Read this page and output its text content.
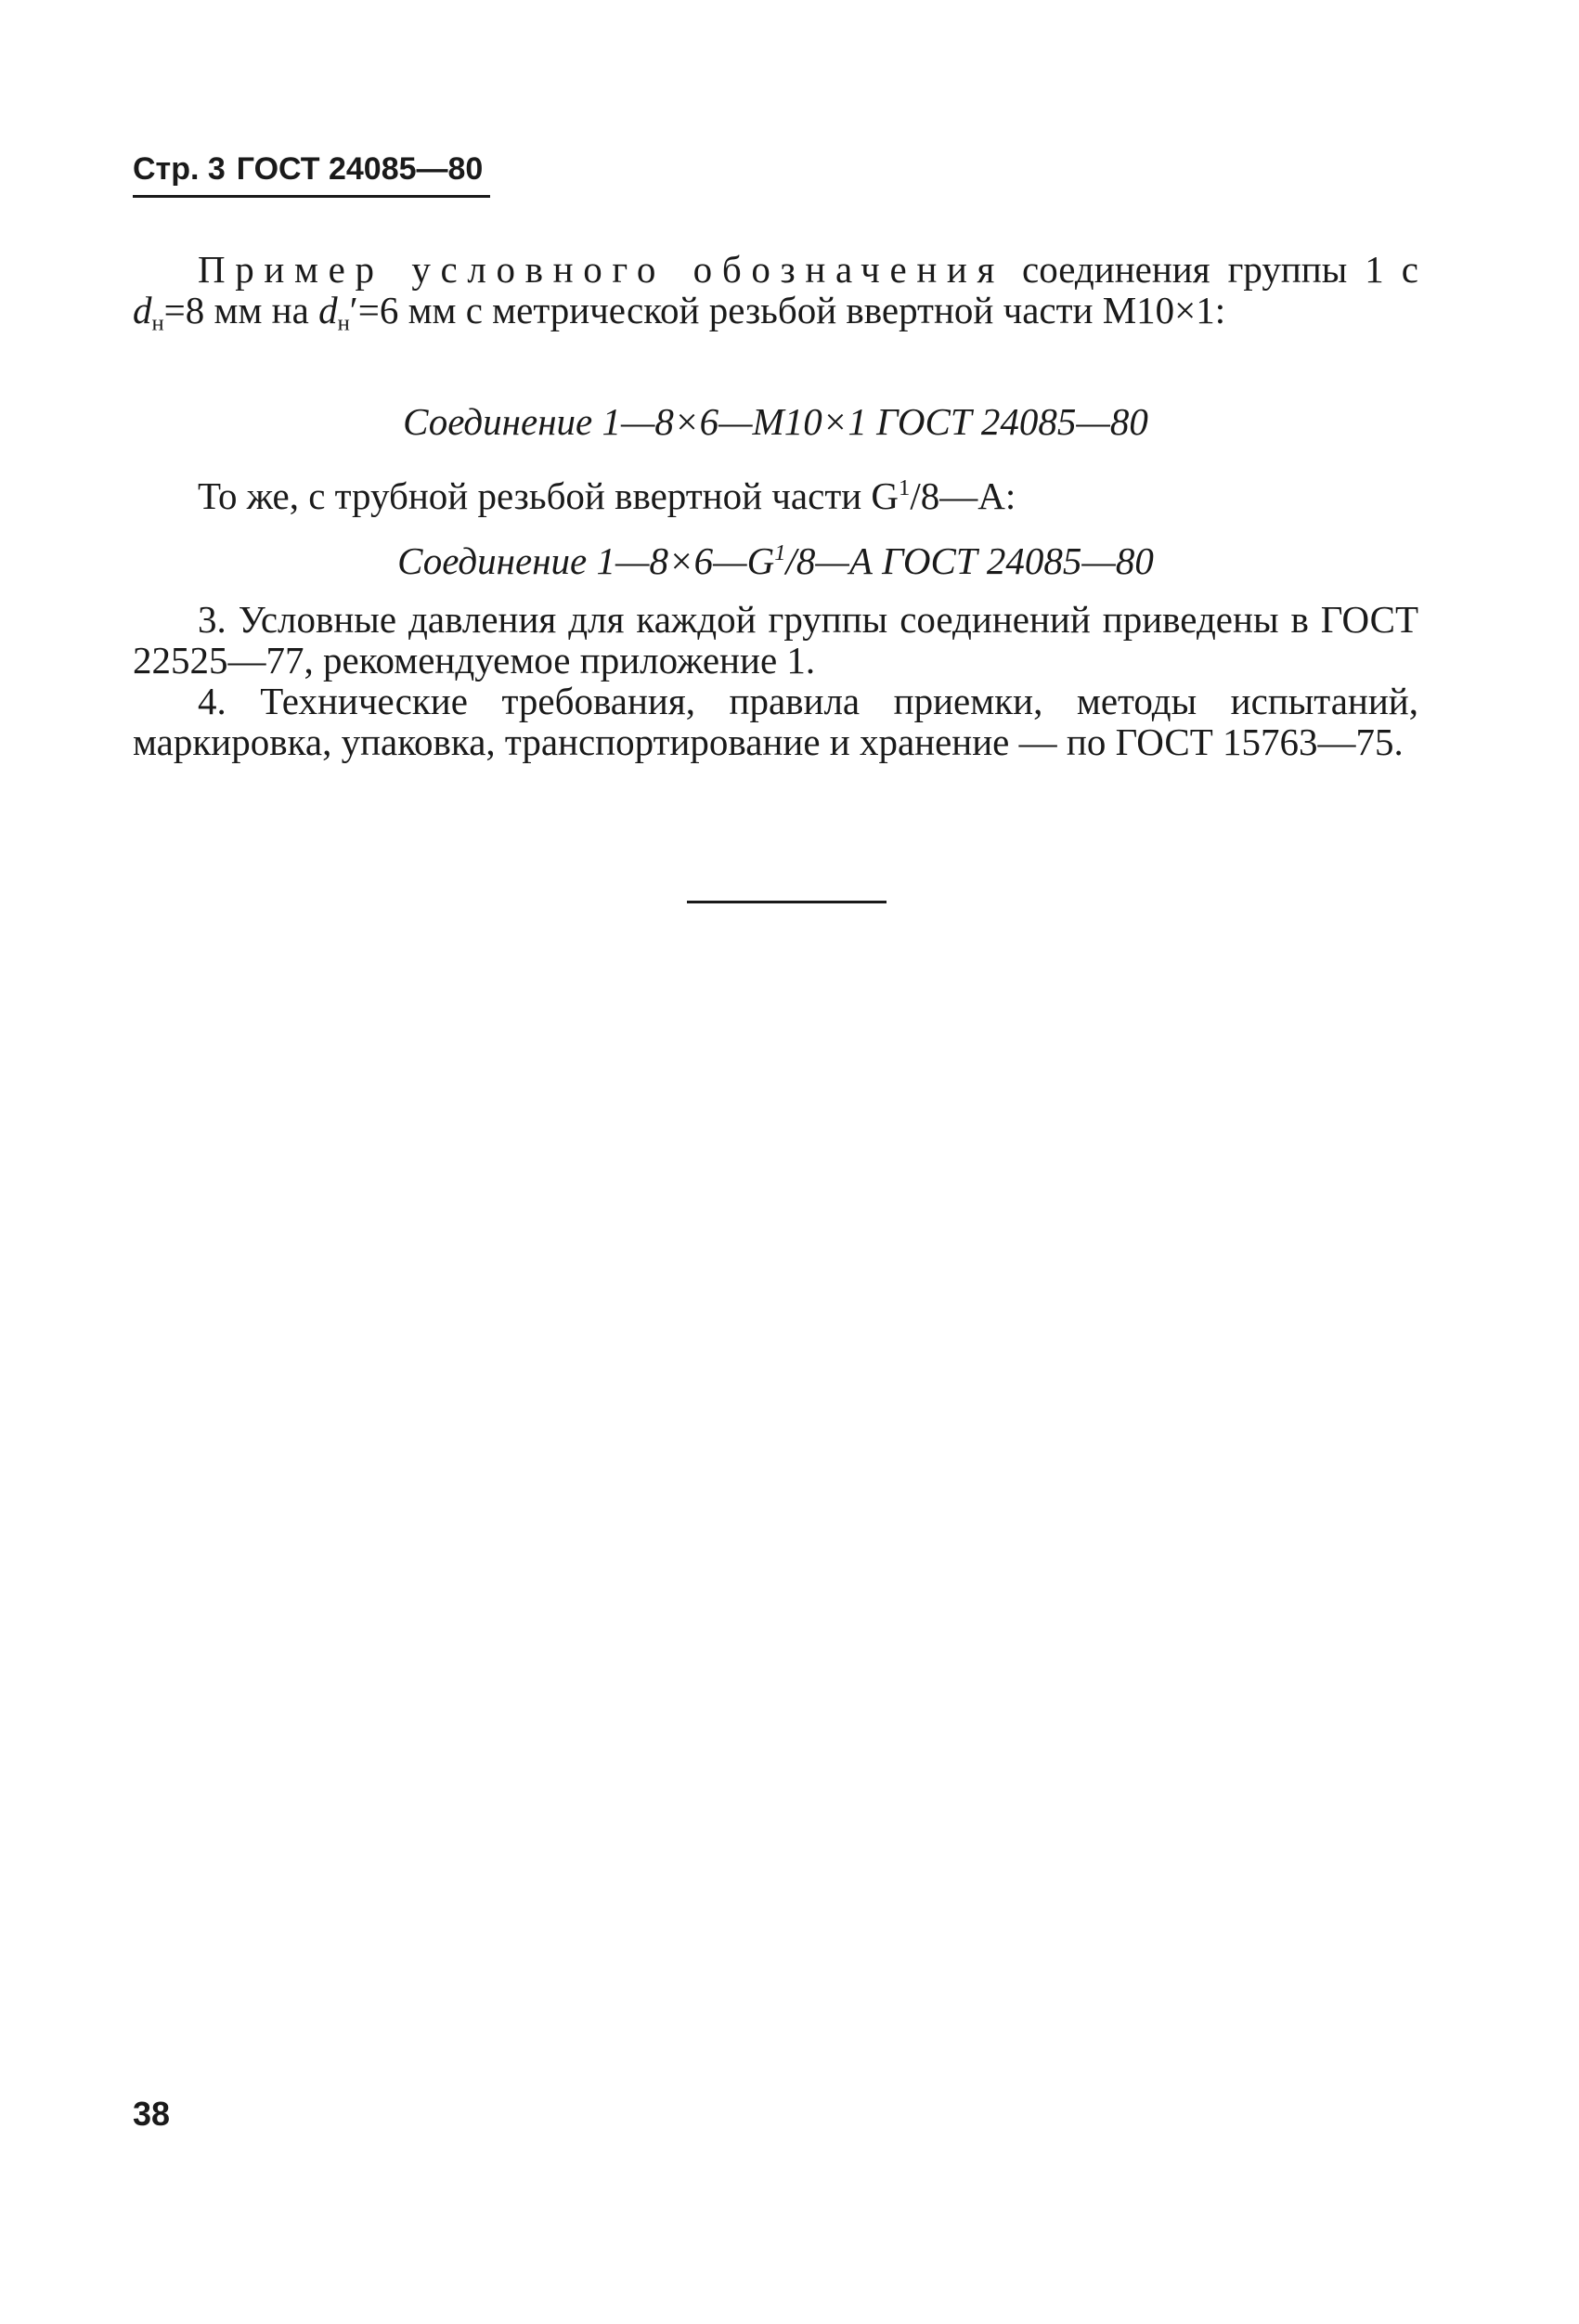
Стр. 3 ГОСТ 24085—80

Пример условного обозначения соединения группы 1 с $d_н=8$ мм на $d_н'=6$ мм с метрической резьбой ввертной части M10×1:

Соединение 1—8×6—M10×1 ГОСТ 24085—80

То же, с трубной резьбой ввертной части $G^1/8—А$:

Соединение $1—8\times 6—G^1/8—А$ ГОСТ 24085—80

3. Условные давления для каждой группы соединений приведены в ГОСТ 22525—77, рекомендуемое приложение 1.

4. Технические требования, правила приемки, методы испытаний, маркировка, упаковка, транспортирование и хранение — по ГОСТ 15763—75.

38
